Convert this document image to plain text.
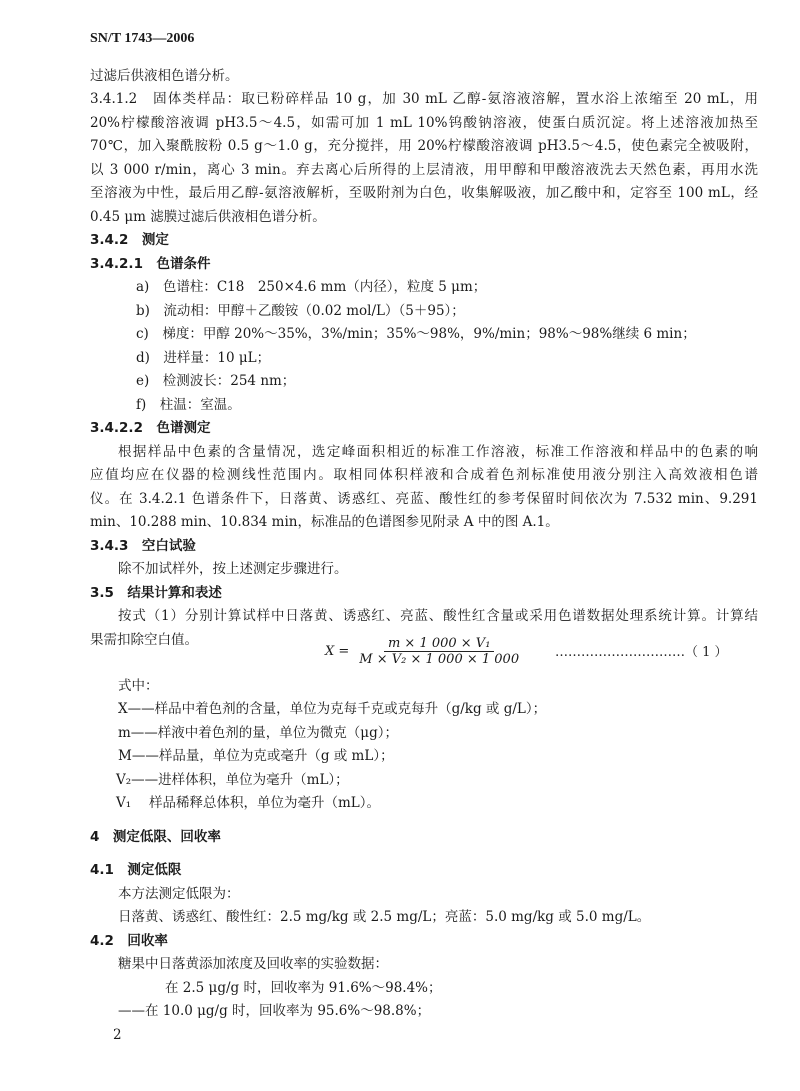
SN/T 1743—2006
过滤后供液相色谱分析。
3.4.1.2　固体类样品：取已粉碎样品 10 g，加 30 mL 乙醇-氨溶液溶解，置水浴上浓缩至 20 mL，用
20%柠檬酸溶液调 pH3.5～4.5，如需可加 1 mL 10%钨酸钠溶液，使蛋白质沉淀。将上述溶液加热至
70℃，加入聚酰胺粉 0.5 g～1.0 g，充分搅拌，用 20%柠檬酸溶液调 pH3.5～4.5，使色素完全被吸附，
以 3 000 r/min，离心 3 min。弃去离心后所得的上层清液，用甲醇和甲酸溶液洗去天然色素，再用水洗
至溶液为中性，最后用乙醇-氨溶液解析，至吸附剂为白色，收集解吸液，加乙酸中和，定容至 100 mL，经
0.45 μm 滤膜过滤后供液相色谱分析。
3.4.2　测定
3.4.2.1　色谱条件
a)　色谱柱：C18　250×4.6 mm（内径），粒度 5 μm；
b)　流动相：甲醇＋乙酸铵（0.02 mol/L）（5＋95）；
c)　梯度：甲醇 20%～35%，3%/min；35%～98%，9%/min；98%～98%继续 6 min；
d)　进样量：10 μL；
e)　检测波长：254 nm；
f)　柱温：室温。
3.4.2.2　色谱测定
根据样品中色素的含量情况，选定峰面积相近的标准工作溶液，标准工作溶液和样品中的色素的响
应值均应在仪器的检测线性范围内。取相同体积样液和合成着色剂标准使用液分别注入高效液相色谱
仪。在 3.4.2.1 色谱条件下，日落黄、诱惑红、亮蓝、酸性红的参考保留时间依次为 7.532 min、9.291
min、10.288 min、10.834 min，标准品的色谱图参见附录 A 中的图 A.1。
3.4.3　空白试验
除不加试样外，按上述测定步骤进行。
3.5　结果计算和表述
按式（1）分别计算试样中日落黄、诱惑红、亮蓝、酸性红含量或采用色谱数据处理系统计算。计算结
果需扣除空白值。
式中：
X——样品中着色剂的含量，单位为克每千克或克每升（g/kg 或 g/L）；
m——样液中着色剂的量，单位为微克（μg）；
M——样品量，单位为克或毫升（g 或 mL）；
V₂——进样体积，单位为毫升（mL）；
V₁　 样品稀释总体积，单位为毫升（mL）。
4　测定低限、回收率
4.1　测定低限
本方法测定低限为：
日落黄、诱惑红、酸性红：2.5 mg/kg 或 2.5 mg/L；亮蓝：5.0 mg/kg 或 5.0 mg/L。
4.2　回收率
糖果中日落黄添加浓度及回收率的实验数据：
在 2.5 μg/g 时，回收率为 91.6%～98.4%；
——在 10.0 μg/g 时，回收率为 95.6%～98.8%；
2
$X = \frac{\text{m × 1 000 × V₁}}{\text{M × V₂ × 1 000 × 1 000}}$ …………………………（ 1 ）
